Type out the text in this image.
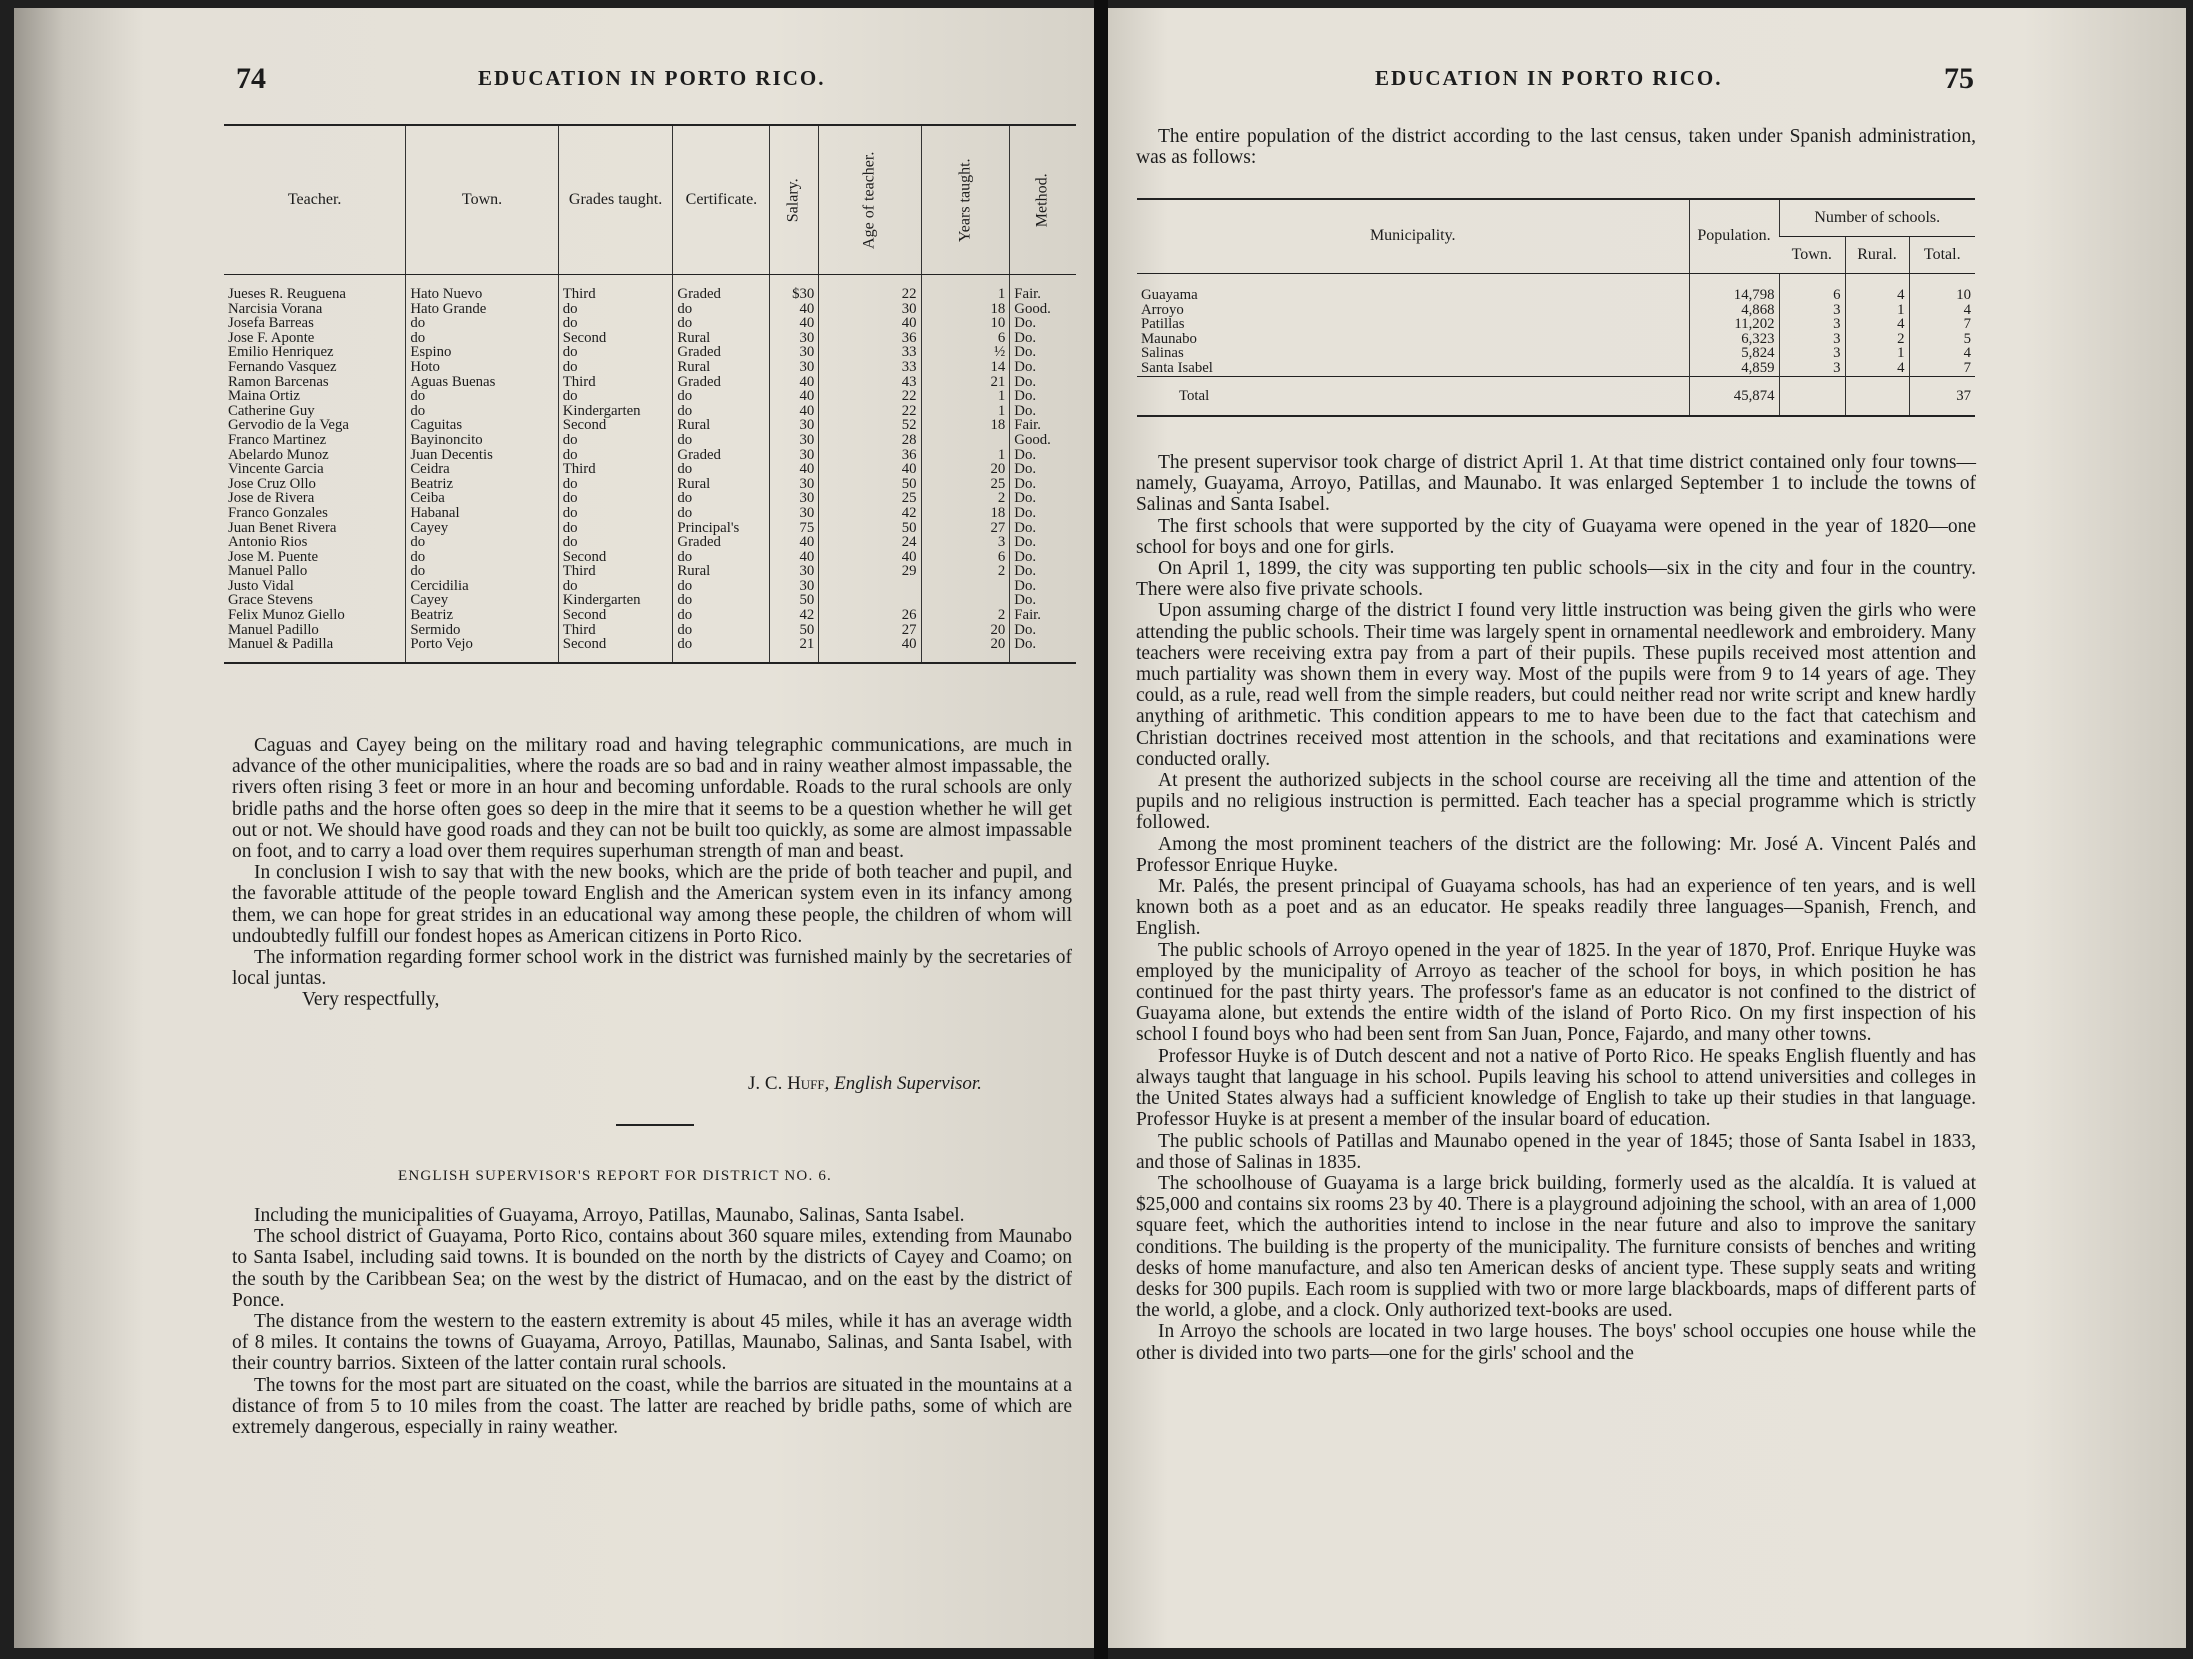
74	EDUCATION IN PORTO RICO.
Teacher.	Town.	Grades taught.	Certificate.	Salary.	Age of teacher.	Years taught.	Method.
Jueses R. Reuguena	Hato Nuevo	Third	Graded	$30	22	1	Fair.
Narcisia Vorana	Hato Grande	do	do	40	30	18	Good.
Josefa Barreas	do	do	do	40	40	10	Do.
Jose F. Aponte	do	Second	Rural	30	36	6	Do.
Emilio Henriquez	Espino	do	Graded	30	33	½	Do.
Fernando Vasquez	Hoto	do	Rural	30	33	14	Do.
Ramon Barcenas	Aguas Buenas	Third	Graded	40	43	21	Do.
Maina Ortiz	do	do	do	40	22	1	Do.
Catherine Guy	do	Kindergarten	do	40	22	1	Do.
Gervodio de la Vega	Caguitas	Second	Rural	30	52	18	Fair.
Franco Martinez	Bayinoncito	do	do	30	28		Good.
Abelardo Munoz	Juan Decentis	do	Graded	30	36	1	Do.
Vincente Garcia	Ceidra	Third	do	40	40	20	Do.
Jose Cruz Ollo	Beatriz	do	Rural	30	50	25	Do.
Jose de Rivera	Ceiba	do	do	30	25	2	Do.
Franco Gonzales	Habanal	do	do	30	42	18	Do.
Juan Benet Rivera	Cayey	do	Principal's	75	50	27	Do.
Antonio Rios	do	do	Graded	40	24	3	Do.
Jose M. Puente	do	Second	do	40	40	6	Do.
Manuel Pallo	do	Third	Rural	30	29	2	Do.
Justo Vidal	Cercidilia	do	do	30			Do.
Grace Stevens	Cayey	Kindergarten	do	50			Do.
Felix Munoz Giello	Beatriz	Second	do	42	26	2	Fair.
Manuel Padillo	Sermido	Third	do	50	27	20	Do.
Manuel & Padilla	Porto Vejo	Second	do	21	40	20	Do.

Caguas and Cayey being on the military road and having telegraphic communications, are much in advance of the other municipalities, where the roads are so bad and in rainy weather almost impassable, the rivers often rising 3 feet or more in an hour and becoming unfordable. Roads to the rural schools are only bridle paths and the horse often goes so deep in the mire that it seems to be a question whether he will get out or not. We should have good roads and they can not be built too quickly, as some are almost impassable on foot, and to carry a load over them requires superhuman strength of man and beast.

In conclusion I wish to say that with the new books, which are the pride of both teacher and pupil, and the favorable attitude of the people toward English and the American system even in its infancy among them, we can hope for great strides in an educational way among these people, the children of whom will undoubtedly fulfill our fondest hopes as American citizens in Porto Rico.

The information regarding former school work in the district was furnished mainly by the secretaries of local juntas.

Very respectfully,

J. C. Huff, English Supervisor.
ENGLISH SUPERVISOR'S REPORT FOR DISTRICT NO. 6.

Including the municipalities of Guayama, Arroyo, Patillas, Maunabo, Salinas, Santa Isabel.

The school district of Guayama, Porto Rico, contains about 360 square miles, extending from Maunabo to Santa Isabel, including said towns. It is bounded on the north by the districts of Cayey and Coamo; on the south by the Caribbean Sea; on the west by the district of Humacao, and on the east by the district of Ponce.

The distance from the western to the eastern extremity is about 45 miles, while it has an average width of 8 miles. It contains the towns of Guayama, Arroyo, Patillas, Maunabo, Salinas, and Santa Isabel, with their country barrios. Sixteen of the latter contain rural schools.

The towns for the most part are situated on the coast, while the barrios are situated in the mountains at a distance of from 5 to 10 miles from the coast. The latter are reached by bridle paths, some of which are extremely dangerous, especially in rainy weather.

EDUCATION IN PORTO RICO.	75

The entire population of the district according to the last census, taken under Spanish administration, was as follows:

Municipality.	Population.	Number of schools.		
		Town.	Rural.	Total.
Guayama	14,798	6	4	10
Arroyo	4,868	3	1	4
Patillas	11,202	3	4	7
Maunabo	6,323	3	2	5
Salinas	5,824	3	1	4
Santa Isabel	4,859	3	4	7
Total	45,874			37

The present supervisor took charge of district April 1. At that time district contained only four towns—namely, Guayama, Arroyo, Patillas, and Maunabo. It was enlarged September 1 to include the towns of Salinas and Santa Isabel.

The first schools that were supported by the city of Guayama were opened in the year of 1820—one school for boys and one for girls.

On April 1, 1899, the city was supporting ten public schools—six in the city and four in the country. There were also five private schools.

Upon assuming charge of the district I found very little instruction was being given the girls who were attending the public schools. Their time was largely spent in ornamental needlework and embroidery. Many teachers were receiving extra pay from a part of their pupils. These pupils received most attention and much partiality was shown them in every way. Most of the pupils were from 9 to 14 years of age. They could, as a rule, read well from the simple readers, but could neither read nor write script and knew hardly anything of arithmetic. This condition appears to me to have been due to the fact that catechism and Christian doctrines received most attention in the schools, and that recitations and examinations were conducted orally.

At present the authorized subjects in the school course are receiving all the time and attention of the pupils and no religious instruction is permitted. Each teacher has a special programme which is strictly followed.

Among the most prominent teachers of the district are the following: Mr. José A. Vincent Palés and Professor Enrique Huyke.

Mr. Palés, the present principal of Guayama schools, has had an experience of ten years, and is well known both as a poet and as an educator. He speaks readily three languages—Spanish, French, and English.

The public schools of Arroyo opened in the year of 1825. In the year of 1870, Prof. Enrique Huyke was employed by the municipality of Arroyo as teacher of the school for boys, in which position he has continued for the past thirty years. The professor's fame as an educator is not confined to the district of Guayama alone, but extends the entire width of the island of Porto Rico. On my first inspection of his school I found boys who had been sent from San Juan, Ponce, Fajardo, and many other towns.

Professor Huyke is of Dutch descent and not a native of Porto Rico. He speaks English fluently and has always taught that language in his school. Pupils leaving his school to attend universities and colleges in the United States always had a sufficient knowledge of English to take up their studies in that language. Professor Huyke is at present a member of the insular board of education.

The public schools of Patillas and Maunabo opened in the year of 1845; those of Santa Isabel in 1833, and those of Salinas in 1835.

The schoolhouse of Guayama is a large brick building, formerly used as the alcaldía. It is valued at $25,000 and contains six rooms 23 by 40. There is a playground adjoining the school, with an area of 1,000 square feet, which the authorities intend to inclose in the near future and also to improve the sanitary conditions. The building is the property of the municipality. The furniture consists of benches and writing desks of home manufacture, and also ten American desks of ancient type. These supply seats and writing desks for 300 pupils. Each room is supplied with two or more large blackboards, maps of different parts of the world, a globe, and a clock. Only authorized text-books are used.

In Arroyo the schools are located in two large houses. The boys' school occupies one house while the other is divided into two parts—one for the girls' school and the
